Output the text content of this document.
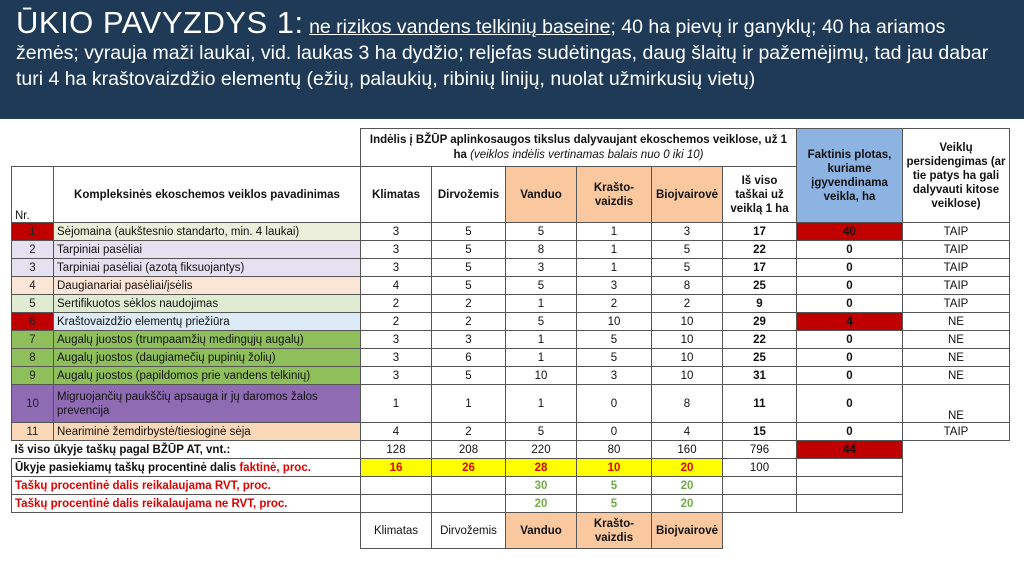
ŪKIO PAVYZDYS 1: ne rizikos vandens telkinių baseine; 40 ha pievų ir ganyklų; 40 ha ariamos žemės; vyrauja maži laukai, vid. laukas 3 ha dydžio; reljefas sudėtingas, daug šlaitų ir pažemėjimų, tad jau dabar turi 4 ha kraštovaizdžio elementų (ežių, palaukių, ribinių linijų, nuolat užmirkusių vietų)

		Indėlis į BŽŪP aplinkosaugos tikslus dalyvaujant ekoschemos veiklose, už 1 ha (veiklos indėlis vertinamas balais nuo 0 iki 10)						Faktinis plotas, kuriame įgyvendinama veikla, ha	Veiklų persidengimas (ar tie patys ha gali dalyvauti kitose veiklose)
Nr.	Kompleksinės ekoschemos veiklos pavadinimas	Klimatas	Dirvožemis	Vanduo	Krašto-vaizdis	Biojvairovė	Iš viso taškai už veiklą 1 ha		
1	Sėjomaina (aukštesnio standarto, min. 4 laukai)	3	5	5	1	3	17	40	TAIP
2	Tarpiniai pasėliai	3	5	8	1	5	22	0	TAIP
3	Tarpiniai pasėliai (azotą fiksuojantys)	3	5	3	1	5	17	0	TAIP
4	Daugianariai pasėliai/įsėlis	4	5	5	3	8	25	0	TAIP
5	Sertifikuotos sėklos naudojimas	2	2	1	2	2	9	0	TAIP
6	Kraštovaizdžio elementų priežiūra	2	2	5	10	10	29	4	NE
7	Augalų juostos (trumpaamžių medingųjų augalų)	3	3	1	5	10	22	0	NE
8	Augalų juostos (daugiamečių pupinių žolių)	3	6	1	5	10	25	0	NE
9	Augalų juostos (papildomos prie vandens telkinių)	3	5	10	3	10	31	0	NE
10	Migruojančių paukščių apsauga ir jų daromos žalos prevencija	1	1	1	0	8	11	0	NE
11	Neariminė žemdirbystė/tiesioginė sėja	4	2	5	0	4	15	0	TAIP
Iš viso ūkyje taškų pagal BŽŪP AT, vnt.:		128	208	220	80	160	796	44	
Ūkyje pasiekiamų taškų procentinė dalis faktinė, proc.		16	26	28	10	20	100		
Taškų procentinė dalis reikalaujama RVT, proc.				30	5	20			
Taškų procentinė dalis reikalaujama ne RVT, proc.				20	5	20			
		Klimatas	Dirvožemis	Vanduo	Krašto-vaizdis	Biojvairovė			
